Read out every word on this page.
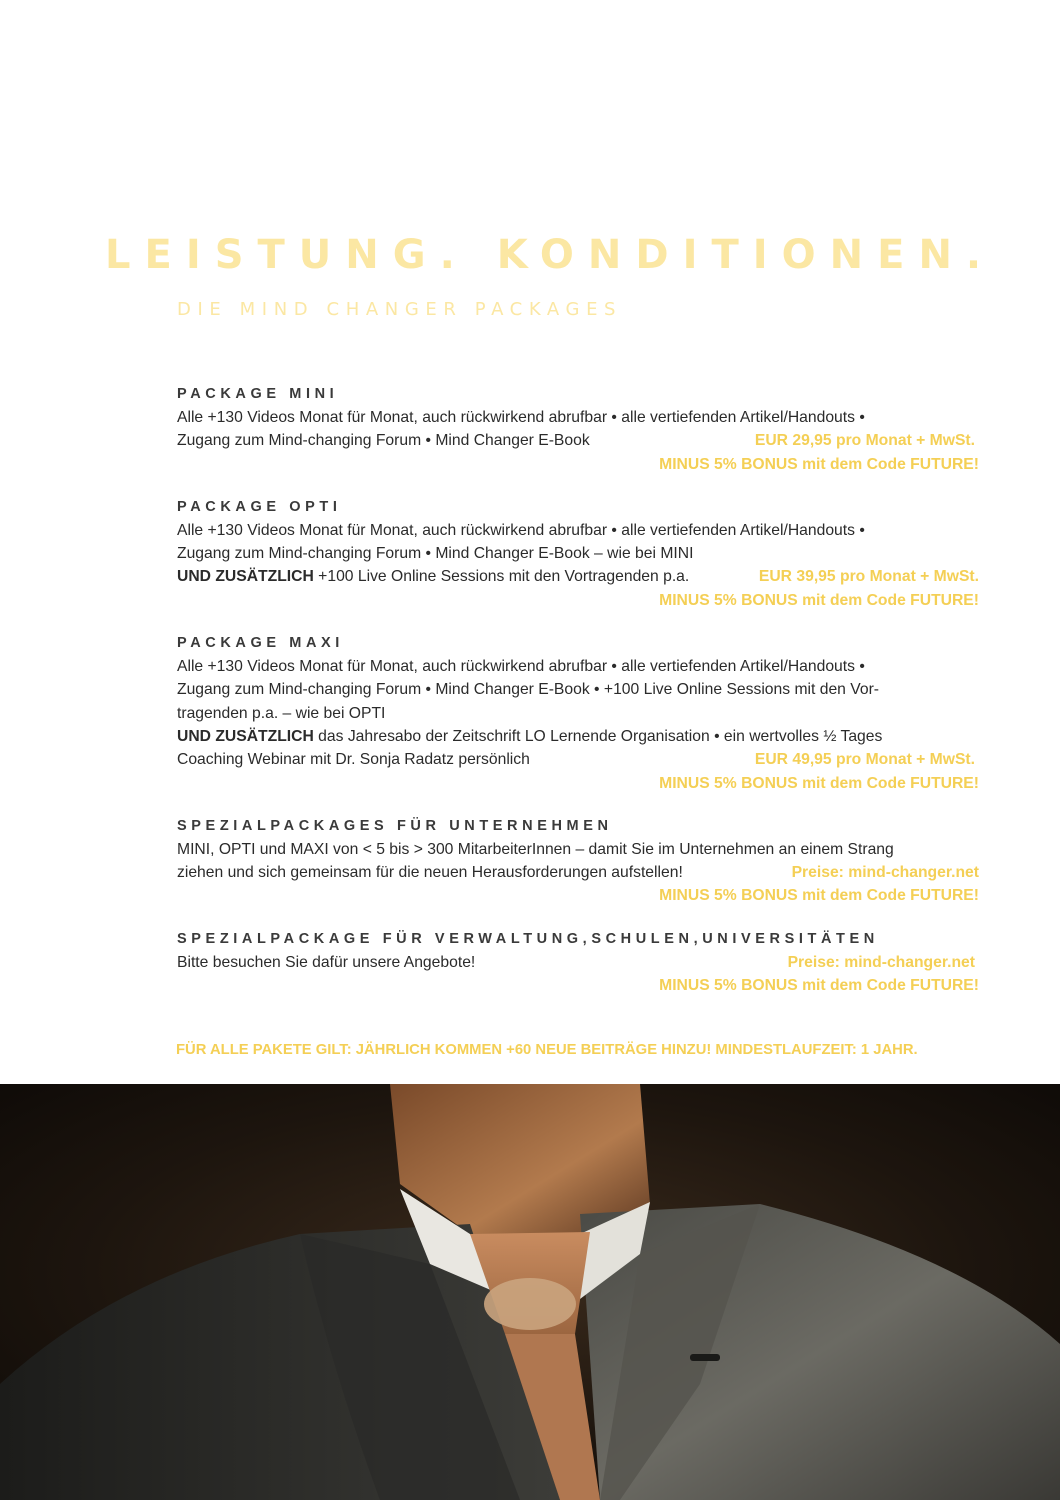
LEISTUNG. KONDITIONEN.
DIE MIND CHANGER PACKAGES
PACKAGE MINI

Alle +130 Videos Monat für Monat, auch rückwirkend abrufbar • alle vertiefenden Artikel/Handouts •

Zugang zum Mind-changing Forum • Mind Changer E-Book	EUR 29,95 pro Monat + MwSt.

MINUS 5% BONUS mit dem Code FUTURE!

PACKAGE OPTI

Alle +130 Videos Monat für Monat, auch rückwirkend abrufbar • alle vertiefenden Artikel/Handouts •

Zugang zum Mind-changing Forum • Mind Changer E-Book – wie bei MINI

UND ZUSÄTZLICH +100 Live Online Sessions mit den Vortragenden p.a.	EUR 39,95 pro Monat + MwSt.

MINUS 5% BONUS mit dem Code FUTURE!

PACKAGE MAXI

Alle +130 Videos Monat für Monat, auch rückwirkend abrufbar • alle vertiefenden Artikel/Handouts •

Zugang zum Mind-changing Forum • Mind Changer E-Book • +100 Live Online Sessions mit den Vor-

tragenden p.a. – wie bei OPTI

UND ZUSÄTZLICH das Jahresabo der Zeitschrift LO Lernende Organisation • ein wertvolles ½ Tages

Coaching Webinar mit Dr. Sonja Radatz persönlich	EUR 49,95 pro Monat + MwSt.

MINUS 5% BONUS mit dem Code FUTURE!

SPEZIALPACKAGES FÜR UNTERNEHMEN

MINI, OPTI und MAXI von < 5 bis > 300 MitarbeiterInnen – damit Sie im Unternehmen an einem Strang

ziehen und sich gemeinsam für die neuen Herausforderungen aufstellen!	Preise: mind-changer.net

MINUS 5% BONUS mit dem Code FUTURE!

SPEZIALPACKAGE FÜR VERWALTUNG,SCHULEN,UNIVERSITÄTEN

Bitte besuchen Sie dafür unsere Angebote!	Preise: mind-changer.net

MINUS 5% BONUS mit dem Code FUTURE!

FÜR ALLE PAKETE GILT: JÄHRLICH KOMMEN +60 NEUE BEITRÄGE HINZU! MINDESTLAUFZEIT: 1 JAHR.
